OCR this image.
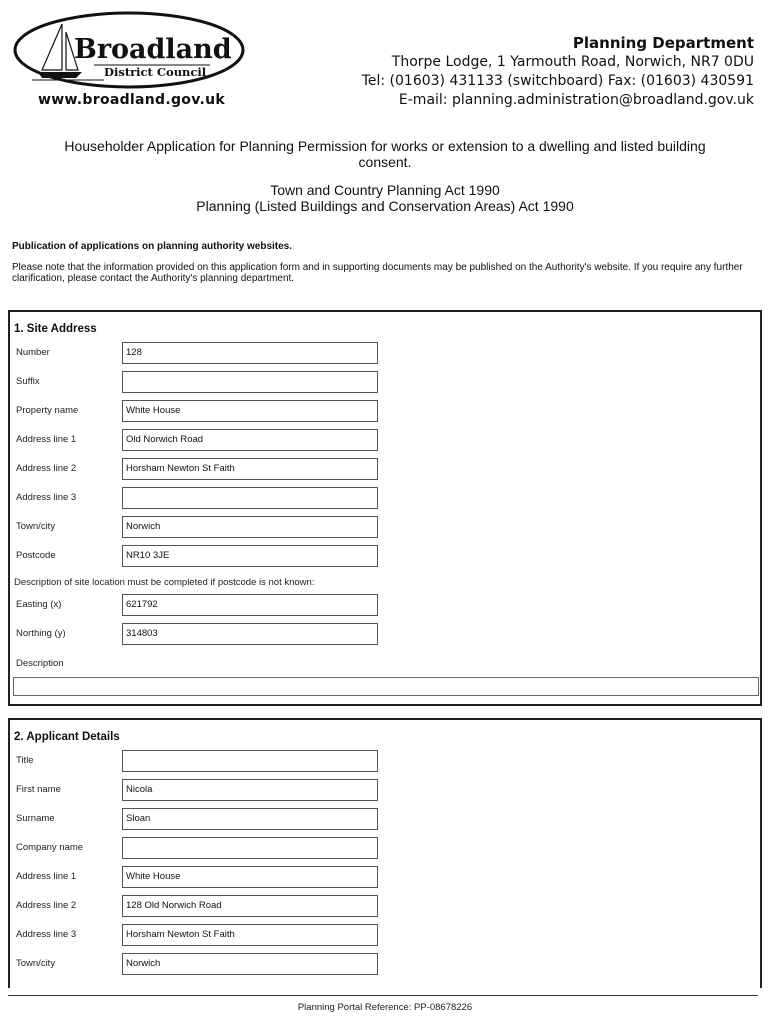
Broadland
District Council
www.broadland.gov.uk
Planning Department
Thorpe Lodge, 1 Yarmouth Road, Norwich, NR7 0DU
Tel: (01603) 431133 (switchboard) Fax: (01603) 430591
E-mail: planning.administration@broadland.gov.uk
Householder Application for Planning Permission for works or extension to a dwelling and listed building
consent.
Town and Country Planning Act 1990
Planning (Listed Buildings and Conservation Areas) Act 1990
Publication of applications on planning authority websites.
Please note that the information provided on this application form and in supporting documents may be published on the Authority's website. If you require any further clarification, please contact the Authority's planning department.
1. Site Address
Number	128
Suffix
Property name	White House
Address line 1	Old Norwich Road
Address line 2	Horsham Newton St Faith
Address line 3
Town/city	Norwich
Postcode	NR10 3JE
Description of site location must be completed if postcode is not known:
Easting (x)	621792
Northing (y)	314803
Description
2. Applicant Details
Title
First name	Nicola
Surname	Sloan
Company name
Address line 1	White House
Address line 2	128 Old Norwich Road
Address line 3	Horsham Newton St Faith
Town/city	Norwich
Planning Portal Reference: PP-08678226
